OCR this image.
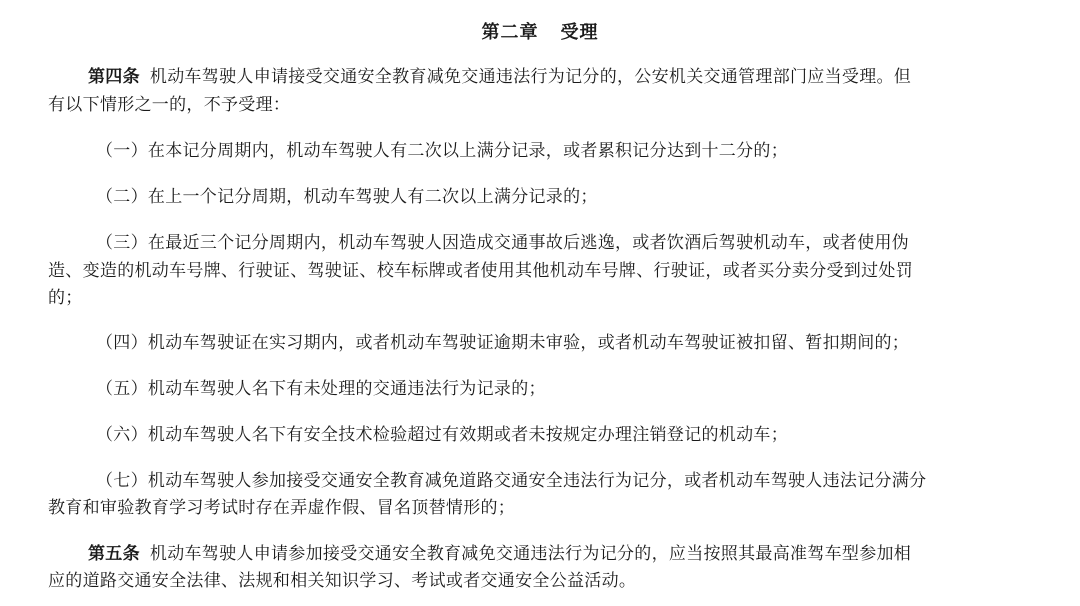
第二章 受理
第四条 机动车驾驶人申请接受交通安全教育减免交通违法行为记分的，公安机关交通管理部门应当受理。但
有以下情形之一的，不予受理：
（一）在本记分周期内，机动车驾驶人有二次以上满分记录，或者累积记分达到十二分的；
（二）在上一个记分周期，机动车驾驶人有二次以上满分记录的；
（三）在最近三个记分周期内，机动车驾驶人因造成交通事故后逃逸，或者饮酒后驾驶机动车，或者使用伪
造、变造的机动车号牌、行驶证、驾驶证、校车标牌或者使用其他机动车号牌、行驶证，或者买分卖分受到过处罚
的；
（四）机动车驾驶证在实习期内，或者机动车驾驶证逾期未审验，或者机动车驾驶证被扣留、暂扣期间的；
（五）机动车驾驶人名下有未处理的交通违法行为记录的；
（六）机动车驾驶人名下有安全技术检验超过有效期或者未按规定办理注销登记的机动车；
（七）机动车驾驶人参加接受交通安全教育减免道路交通安全违法行为记分，或者机动车驾驶人违法记分满分
教育和审验教育学习考试时存在弄虚作假、冒名顶替情形的；
第五条 机动车驾驶人申请参加接受交通安全教育减免交通违法行为记分的，应当按照其最高准驾车型参加相
应的道路交通安全法律、法规和相关知识学习、考试或者交通安全公益活动。
